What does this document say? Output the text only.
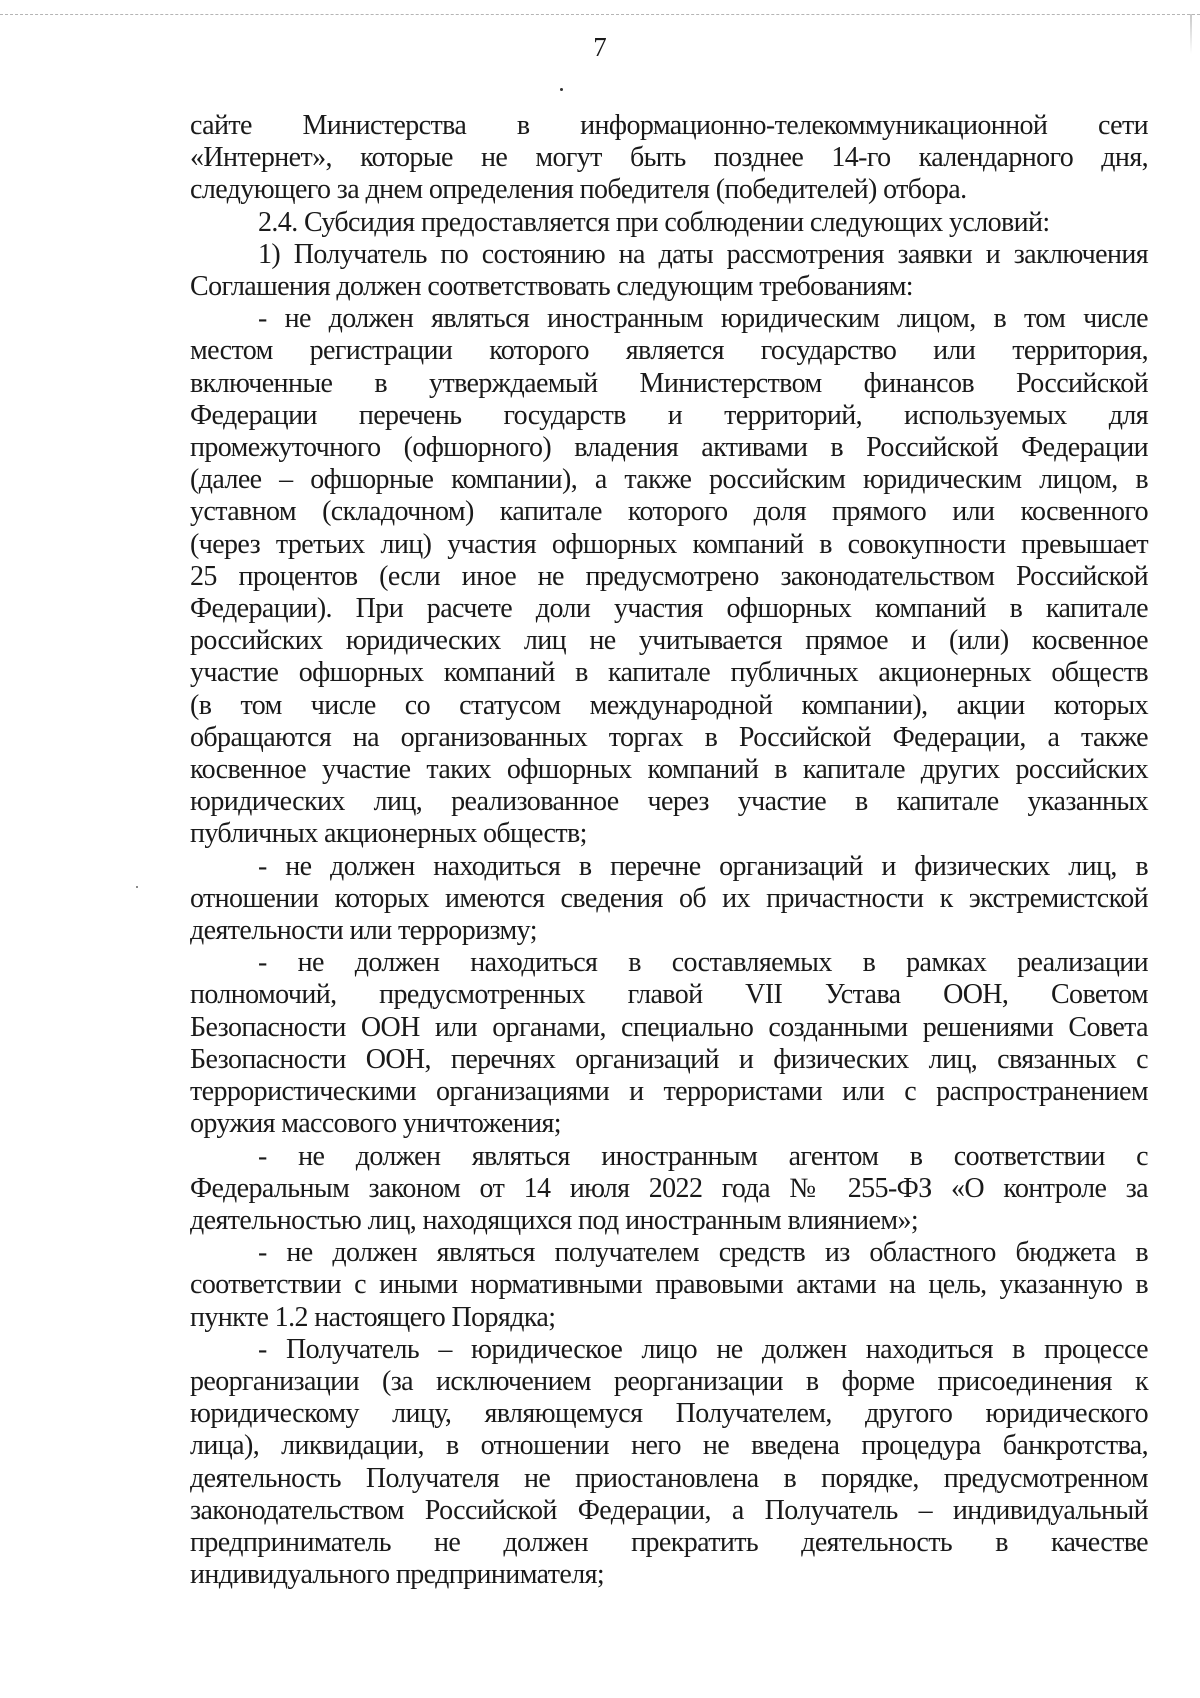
7

сайте Министерства в информационно-телекоммуникационной сети

«Интернет», которые не могут быть позднее 14-го календарного дня,

следующего за днем определения победителя (победителей) отбора.

2.4. Субсидия предоставляется при соблюдении следующих условий:

1) Получатель по состоянию на даты рассмотрения заявки и заключения

Соглашения должен соответствовать следующим требованиям:

- не должен являться иностранным юридическим лицом, в том числе

местом регистрации которого является государство или территория,

включенные в утверждаемый Министерством финансов Российской

Федерации перечень государств и территорий, используемых для

промежуточного (офшорного) владения активами в Российской Федерации

(далее – офшорные компании), а также российским юридическим лицом, в

уставном (складочном) капитале которого доля прямого или косвенного

(через третьих лиц) участия офшорных компаний в совокупности превышает

25 процентов (если иное не предусмотрено законодательством Российской

Федерации). При расчете доли участия офшорных компаний в капитале

российских юридических лиц не учитывается прямое и (или) косвенное

участие офшорных компаний в капитале публичных акционерных обществ

(в том числе со статусом международной компании), акции которых

обращаются на организованных торгах в Российской Федерации, а также

косвенное участие таких офшорных компаний в капитале других российских

юридических лиц, реализованное через участие в капитале указанных

публичных акционерных обществ;

- не должен находиться в перечне организаций и физических лиц, в

отношении которых имеются сведения об их причастности к экстремистской

деятельности или терроризму;

- не должен находиться в составляемых в рамках реализации

полномочий, предусмотренных главой VII Устава ООН, Советом

Безопасности ООН или органами, специально созданными решениями Совета

Безопасности ООН, перечнях организаций и физических лиц, связанных с

террористическими организациями и террористами или с распространением

оружия массового уничтожения;

- не должен являться иностранным агентом в соответствии с

Федеральным законом от 14 июля 2022 года № 255-ФЗ «О контроле за

деятельностью лиц, находящихся под иностранным влиянием»;

- не должен являться получателем средств из областного бюджета в

соответствии с иными нормативными правовыми актами на цель, указанную в

пункте 1.2 настоящего Порядка;

- Получатель – юридическое лицо не должен находиться в процессе

реорганизации (за исключением реорганизации в форме присоединения к

юридическому лицу, являющемуся Получателем, другого юридического

лица), ликвидации, в отношении него не введена процедура банкротства,

деятельность Получателя не приостановлена в порядке, предусмотренном

законодательством Российской Федерации, а Получатель – индивидуальный

предприниматель не должен прекратить деятельность в качестве

индивидуального предпринимателя;
